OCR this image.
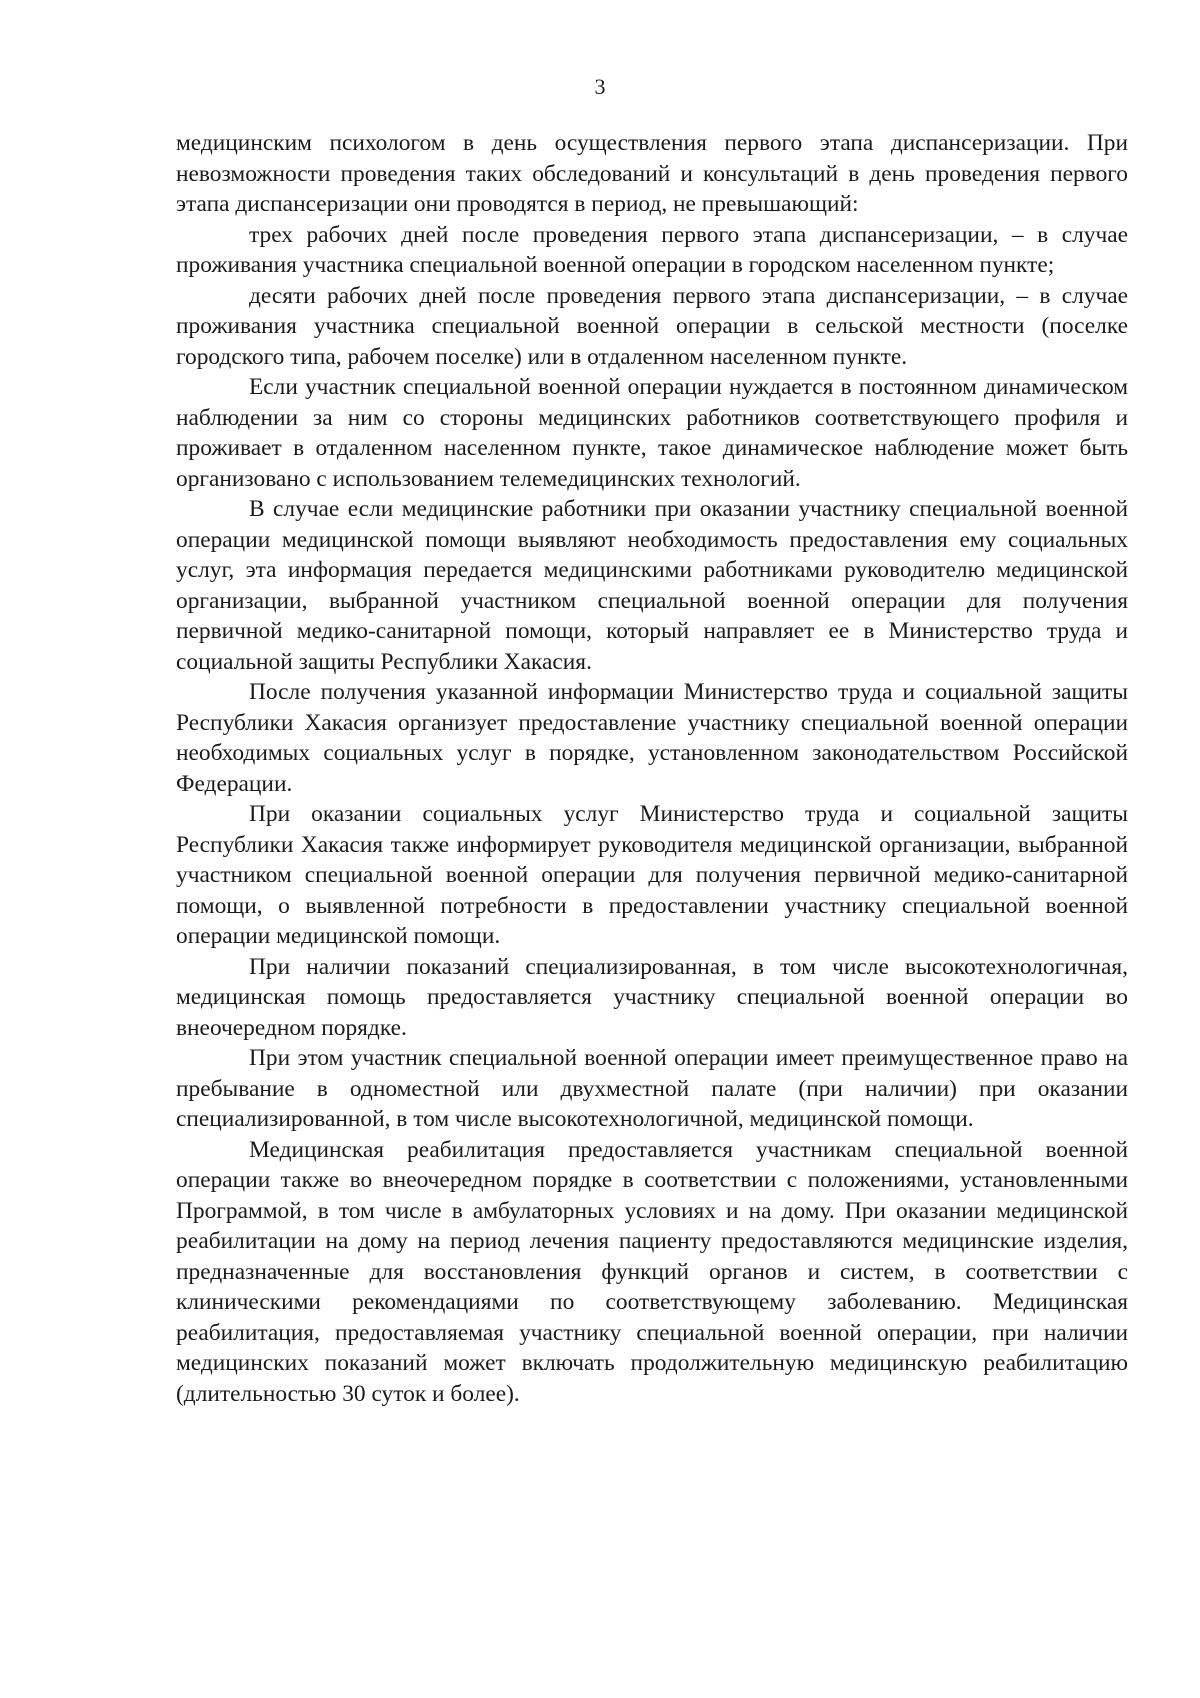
3

медицинским психологом в день осуществления первого этапа диспансеризации. При невозможности проведения таких обследований и консультаций в день проведения первого этапа диспансеризации они проводятся в период, не превышающий:

трех рабочих дней после проведения первого этапа диспансеризации, – в случае проживания участника специальной военной операции в городском населенном пункте;

десяти рабочих дней после проведения первого этапа диспансеризации, – в случае проживания участника специальной военной операции в сельской местности (поселке городского типа, рабочем поселке) или в отдаленном населенном пункте.

Если участник специальной военной операции нуждается в постоянном динамическом наблюдении за ним со стороны медицинских работников соответствующего профиля и проживает в отдаленном населенном пункте, такое динамическое наблюдение может быть организовано с использованием телемедицинских технологий.

В случае если медицинские работники при оказании участнику специальной военной операции медицинской помощи выявляют необходимость предоставления ему социальных услуг, эта информация передается медицинскими работниками руководителю медицинской организации, выбранной участником специальной военной операции для получения первичной медико-санитарной помощи, который направляет ее в Министерство труда и социальной защиты Республики Хакасия.

После получения указанной информации Министерство труда и социальной защиты Республики Хакасия организует предоставление участнику специальной военной операции необходимых социальных услуг в порядке, установленном законодательством Российской Федерации.

При оказании социальных услуг Министерство труда и социальной защиты Республики Хакасия также информирует руководителя медицинской организации, выбранной участником специальной военной операции для получения первичной медико-санитарной помощи, о выявленной потребности в предоставлении участнику специальной военной операции медицинской помощи.

При наличии показаний специализированная, в том числе высокотехнологичная, медицинская помощь предоставляется участнику специальной военной операции во внеочередном порядке.

При этом участник специальной военной операции имеет преимущественное право на пребывание в одноместной или двухместной палате (при наличии) при оказании специализированной, в том числе высокотехнологичной, медицинской помощи.

Медицинская реабилитация предоставляется участникам специальной военной операции также во внеочередном порядке в соответствии с положениями, установленными Программой, в том числе в амбулаторных условиях и на дому. При оказании медицинской реабилитации на дому на период лечения пациенту предоставляются медицинские изделия, предназначенные для восстановления функций органов и систем, в соответствии с клиническими рекомендациями по соответствующему заболеванию. Медицинская реабилитация, предоставляемая участнику специальной военной операции, при наличии медицинских показаний может включать продолжительную медицинскую реабилитацию (длительностью 30 суток и более).
